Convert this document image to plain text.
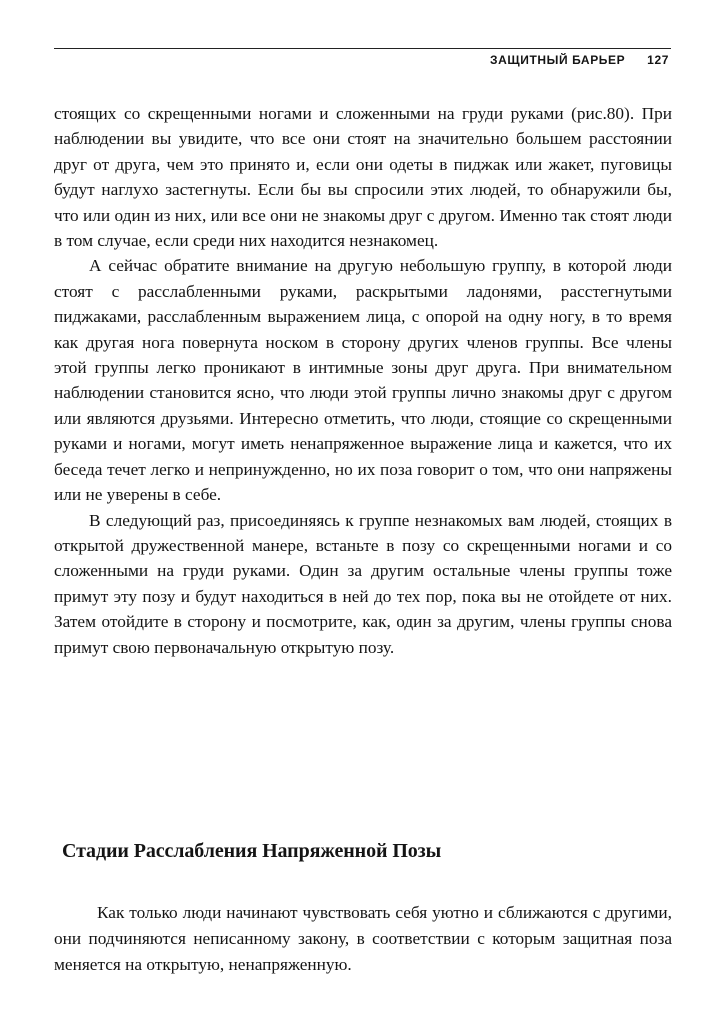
ЗАЩИТНЫЙ БАРЬЕР 127

стоящих со скрещенными ногами и сложенными на груди руками (рис.80). При наблюдении вы увидите, что все они стоят на значительно большем расстоянии друг от друга, чем это принято и, если они одеты в пиджак или жакет, пуговицы будут наглухо застегнуты. Если бы вы спросили этих людей, то обнаружили бы, что или один из них, или все они не знакомы друг с другом. Именно так стоят люди в том случае, если среди них находится незнакомец.

А сейчас обратите внимание на другую небольшую группу, в которой люди стоят с расслабленными руками, раскрытыми ладонями, расстегнутыми пиджаками, расслабленным выражением лица, с опорой на одну ногу, в то время как другая нога повернута носком в сторону других членов группы. Все члены этой группы легко проникают в интимные зоны друг друга. При внимательном наблюдении становится ясно, что люди этой группы лично знакомы друг с другом или являются друзьями. Интересно отметить, что люди, стоящие со скрещенными руками и ногами, могут иметь ненапряженное выражение лица и кажется, что их беседа течет легко и непринужденно, но их поза говорит о том, что они напряжены или не уверены в себе.

В следующий раз, присоединяясь к группе незнакомых вам людей, стоящих в открытой дружественной манере, встаньте в позу со скрещенными ногами и со сложенными на груди руками. Один за другим остальные члены группы тоже примут эту позу и будут находиться в ней до тех пор, пока вы не отойдете от них. Затем отойдите в сторону и посмотрите, как, один за другим, члены группы снова примут свою первоначальную открытую позу.

Стадии Расслабления Напряженной Позы

Как только люди начинают чувствовать себя уютно и сближаются с другими, они подчиняются неписанному закону, в соответствии с которым защитная поза меняется на открытую, ненапряженную.
